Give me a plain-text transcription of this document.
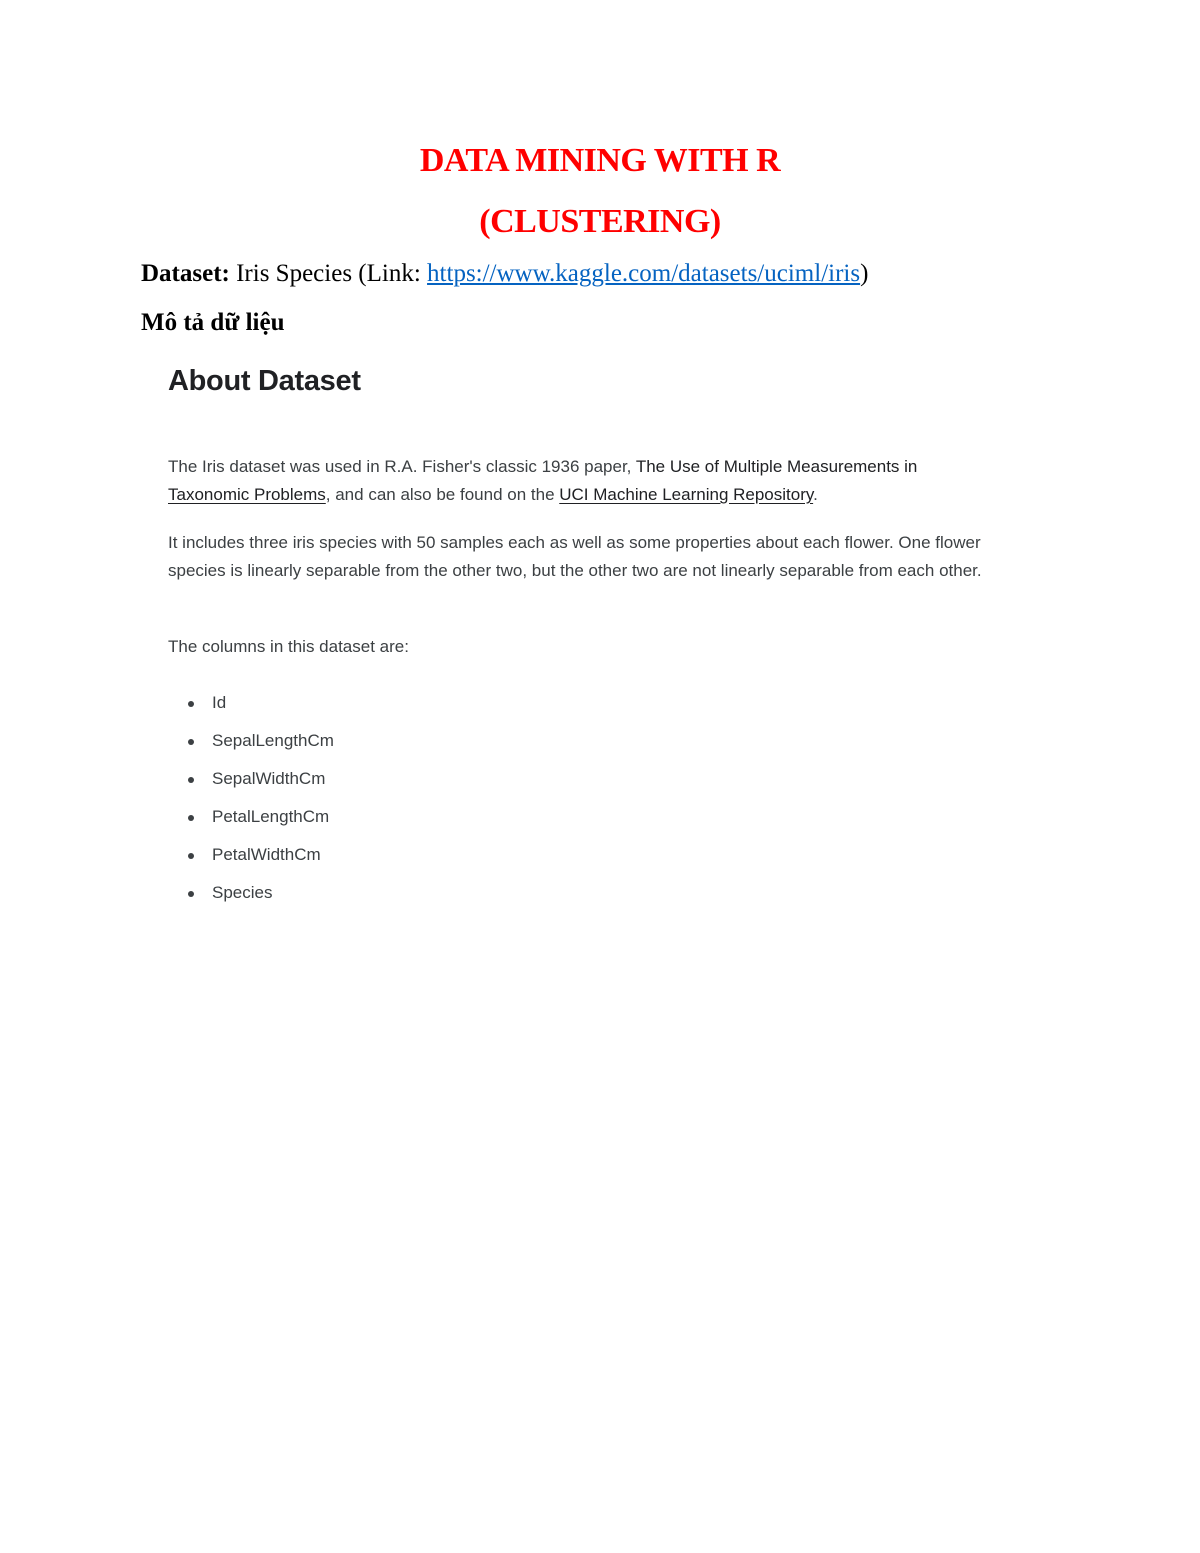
DATA MINING WITH R
(CLUSTERING)

Dataset: Iris Species (Link: https://www.kaggle.com/datasets/uciml/iris)

Mô tả dữ liệu

About Dataset

The Iris dataset was used in R.A. Fisher's classic 1936 paper, The Use of Multiple Measurements in
Taxonomic Problems, and can also be found on the UCI Machine Learning Repository.

It includes three iris species with 50 samples each as well as some properties about each flower. One flower species is linearly separable from the other two, but the other two are not linearly separable from each other.

The columns in this dataset are:

Id
SepalLengthCm
SepalWidthCm
PetalLengthCm
PetalWidthCm
Species
